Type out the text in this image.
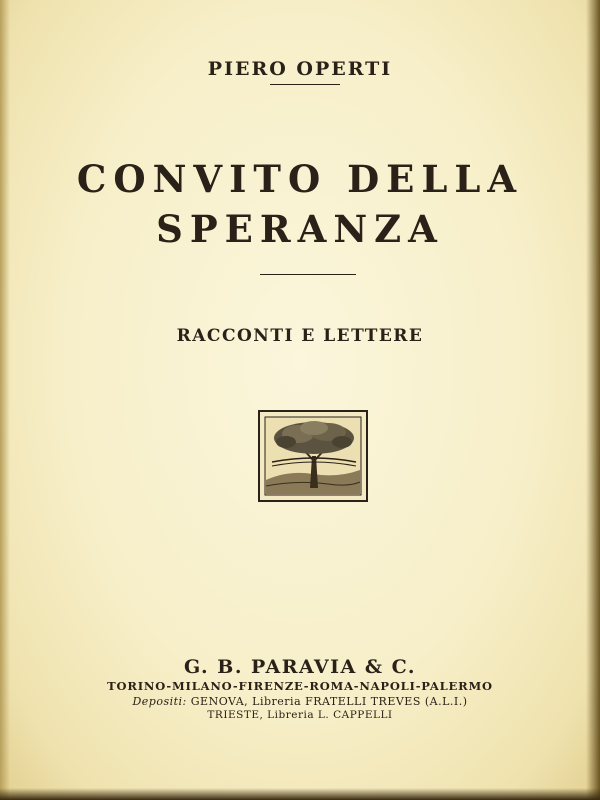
PIERO OPERTI
CONVITO DELLA
SPERANZA
RACCONTI E LETTERE
G. B. PARAVIA & C.
TORINO-MILANO-FIRENZE-ROMA-NAPOLI-PALERMO
Depositi: GENOVA, Libreria FRATELLI TREVES (A.L.I.)
TRIESTE, Libreria L. CAPPELLI
